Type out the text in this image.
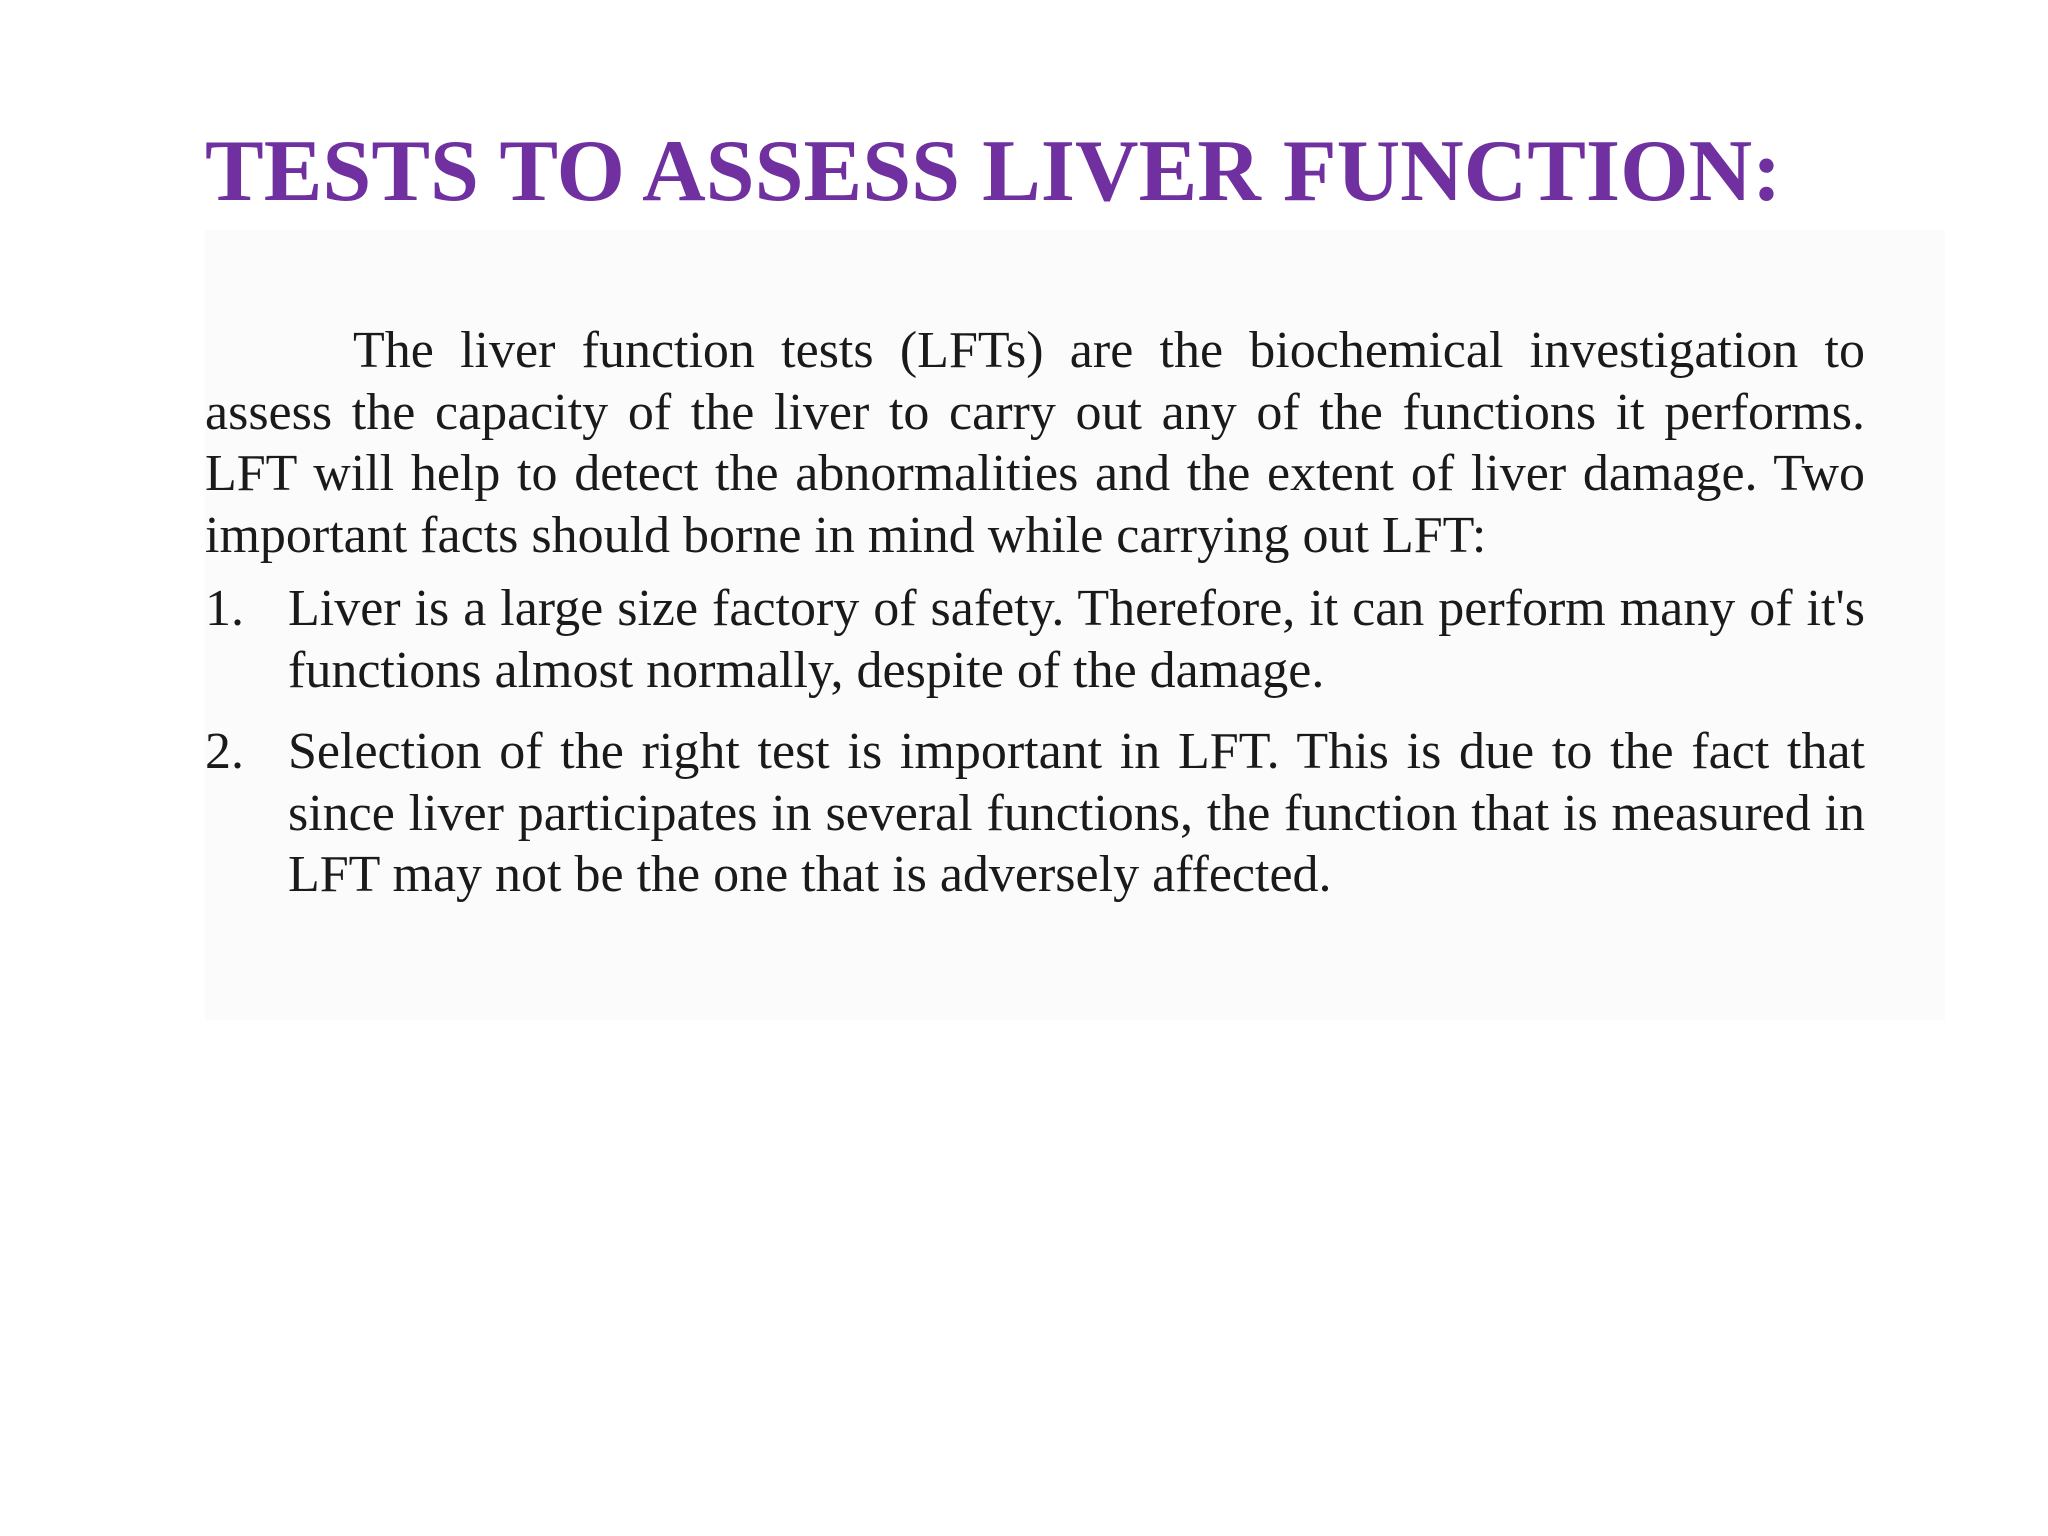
TESTS TO ASSESS LIVER FUNCTION:

The liver function tests (LFTs) are the biochemical investigation to assess the capacity of the liver to carry out any of the functions it performs. LFT will help to detect the abnormalities and the extent of liver damage. Two important facts should borne in mind while carrying out LFT:

1. Liver is a large size factory of safety. Therefore, it can perform many of it's functions almost normally, despite of the damage.
2. Selection of the right test is important in LFT. This is due to the fact that since liver participates in several functions, the function that is measured in LFT may not be the one that is adversely affected.
